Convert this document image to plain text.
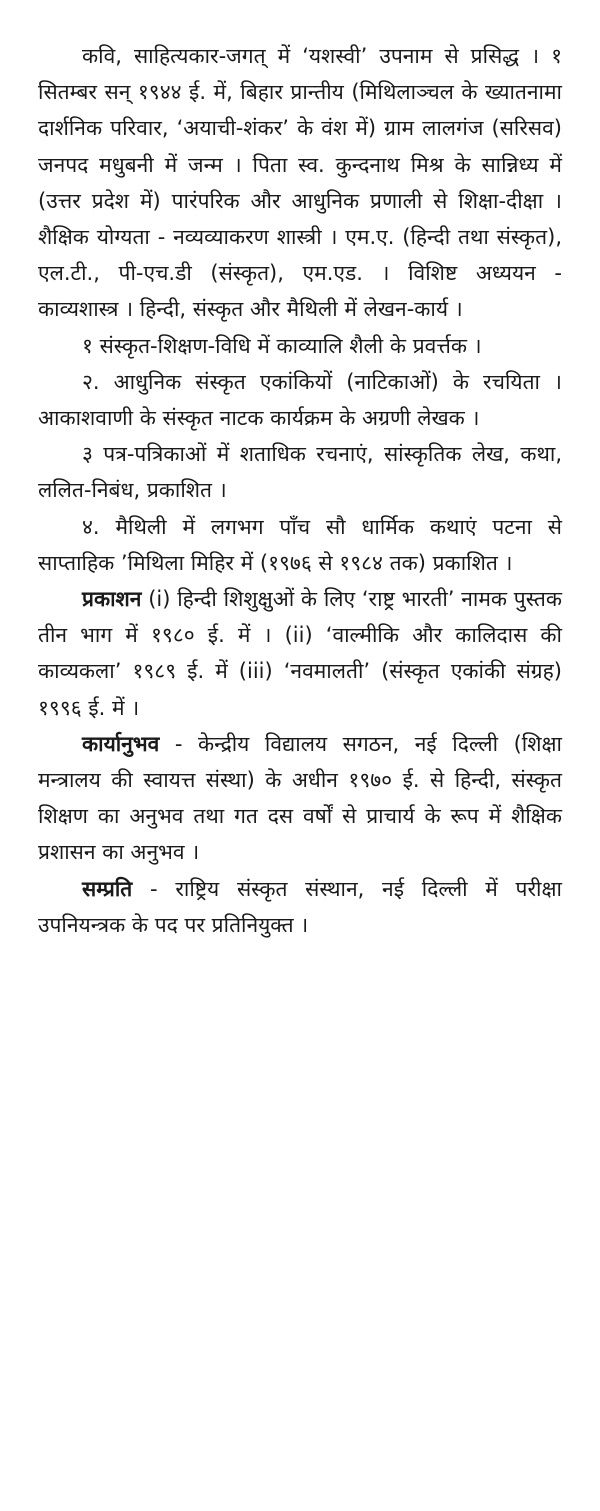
कवि, साहित्यकार-जगत् में ‘यशस्वी’ उपनाम से प्रसिद्ध । १ सितम्बर सन् १९४४ ई. में, बिहार प्रान्तीय (मिथिलाञ्चल के ख्यातनामा दार्शनिक परिवार, ‘अयाची-शंकर’ के वंश में) ग्राम लालगंज (सरिसव) जनपद मधुबनी में जन्म । पिता स्व. कुन्दनाथ मिश्र के सान्निध्य में (उत्तर प्रदेश में) पारंपरिक और आधुनिक प्रणाली से शिक्षा-दीक्षा । शैक्षिक योग्यता - नव्यव्याकरण शास्त्री । एम.ए. (हिन्दी तथा संस्कृत), एल.टी., पी-एच.डी (संस्कृत), एम.एड. । विशिष्ट अध्ययन - काव्यशास्त्र । हिन्दी, संस्कृत और मैथिली में लेखन-कार्य ।

१ संस्कृत-शिक्षण-विधि में काव्यालि शैली के प्रवर्त्तक ।

२. आधुनिक संस्कृत एकांकियों (नाटिकाओं) के रचयिता । आकाशवाणी के संस्कृत नाटक कार्यक्रम के अग्रणी लेखक ।

३ पत्र-पत्रिकाओं में शताधिक रचनाएं, सांस्कृतिक लेख, कथा, ललित-निबंध, प्रकाशित ।

४. मैथिली में लगभग पाँच सौ धार्मिक कथाएं पटना से साप्ताहिक ’मिथिला मिहिर में (१९७६ से १९८४ तक) प्रकाशित ।

प्रकाशन (i) हिन्दी शिशुक्षुओं के लिए ‘राष्ट्र भारती’ नामक पुस्तक तीन भाग में १९८० ई. में । (ii) ‘वाल्मीकि और कालिदास की काव्यकला’ १९८९ ई. में (iii) ‘नवमालती’ (संस्कृत एकांकी संग्रह) १९९६ ई. में ।

कार्यानुभव - केन्द्रीय विद्यालय सगठन, नई दिल्ली (शिक्षा मन्त्रालय की स्वायत्त संस्था) के अधीन १९७० ई. से हिन्दी, संस्कृत शिक्षण का अनुभव तथा गत दस वर्षों से प्राचार्य के रूप में शैक्षिक प्रशासन का अनुभव ।

सम्प्रति - राष्ट्रिय संस्कृत संस्थान, नई दिल्ली में परीक्षा उपनियन्त्रक के पद पर प्रतिनियुक्त ।
